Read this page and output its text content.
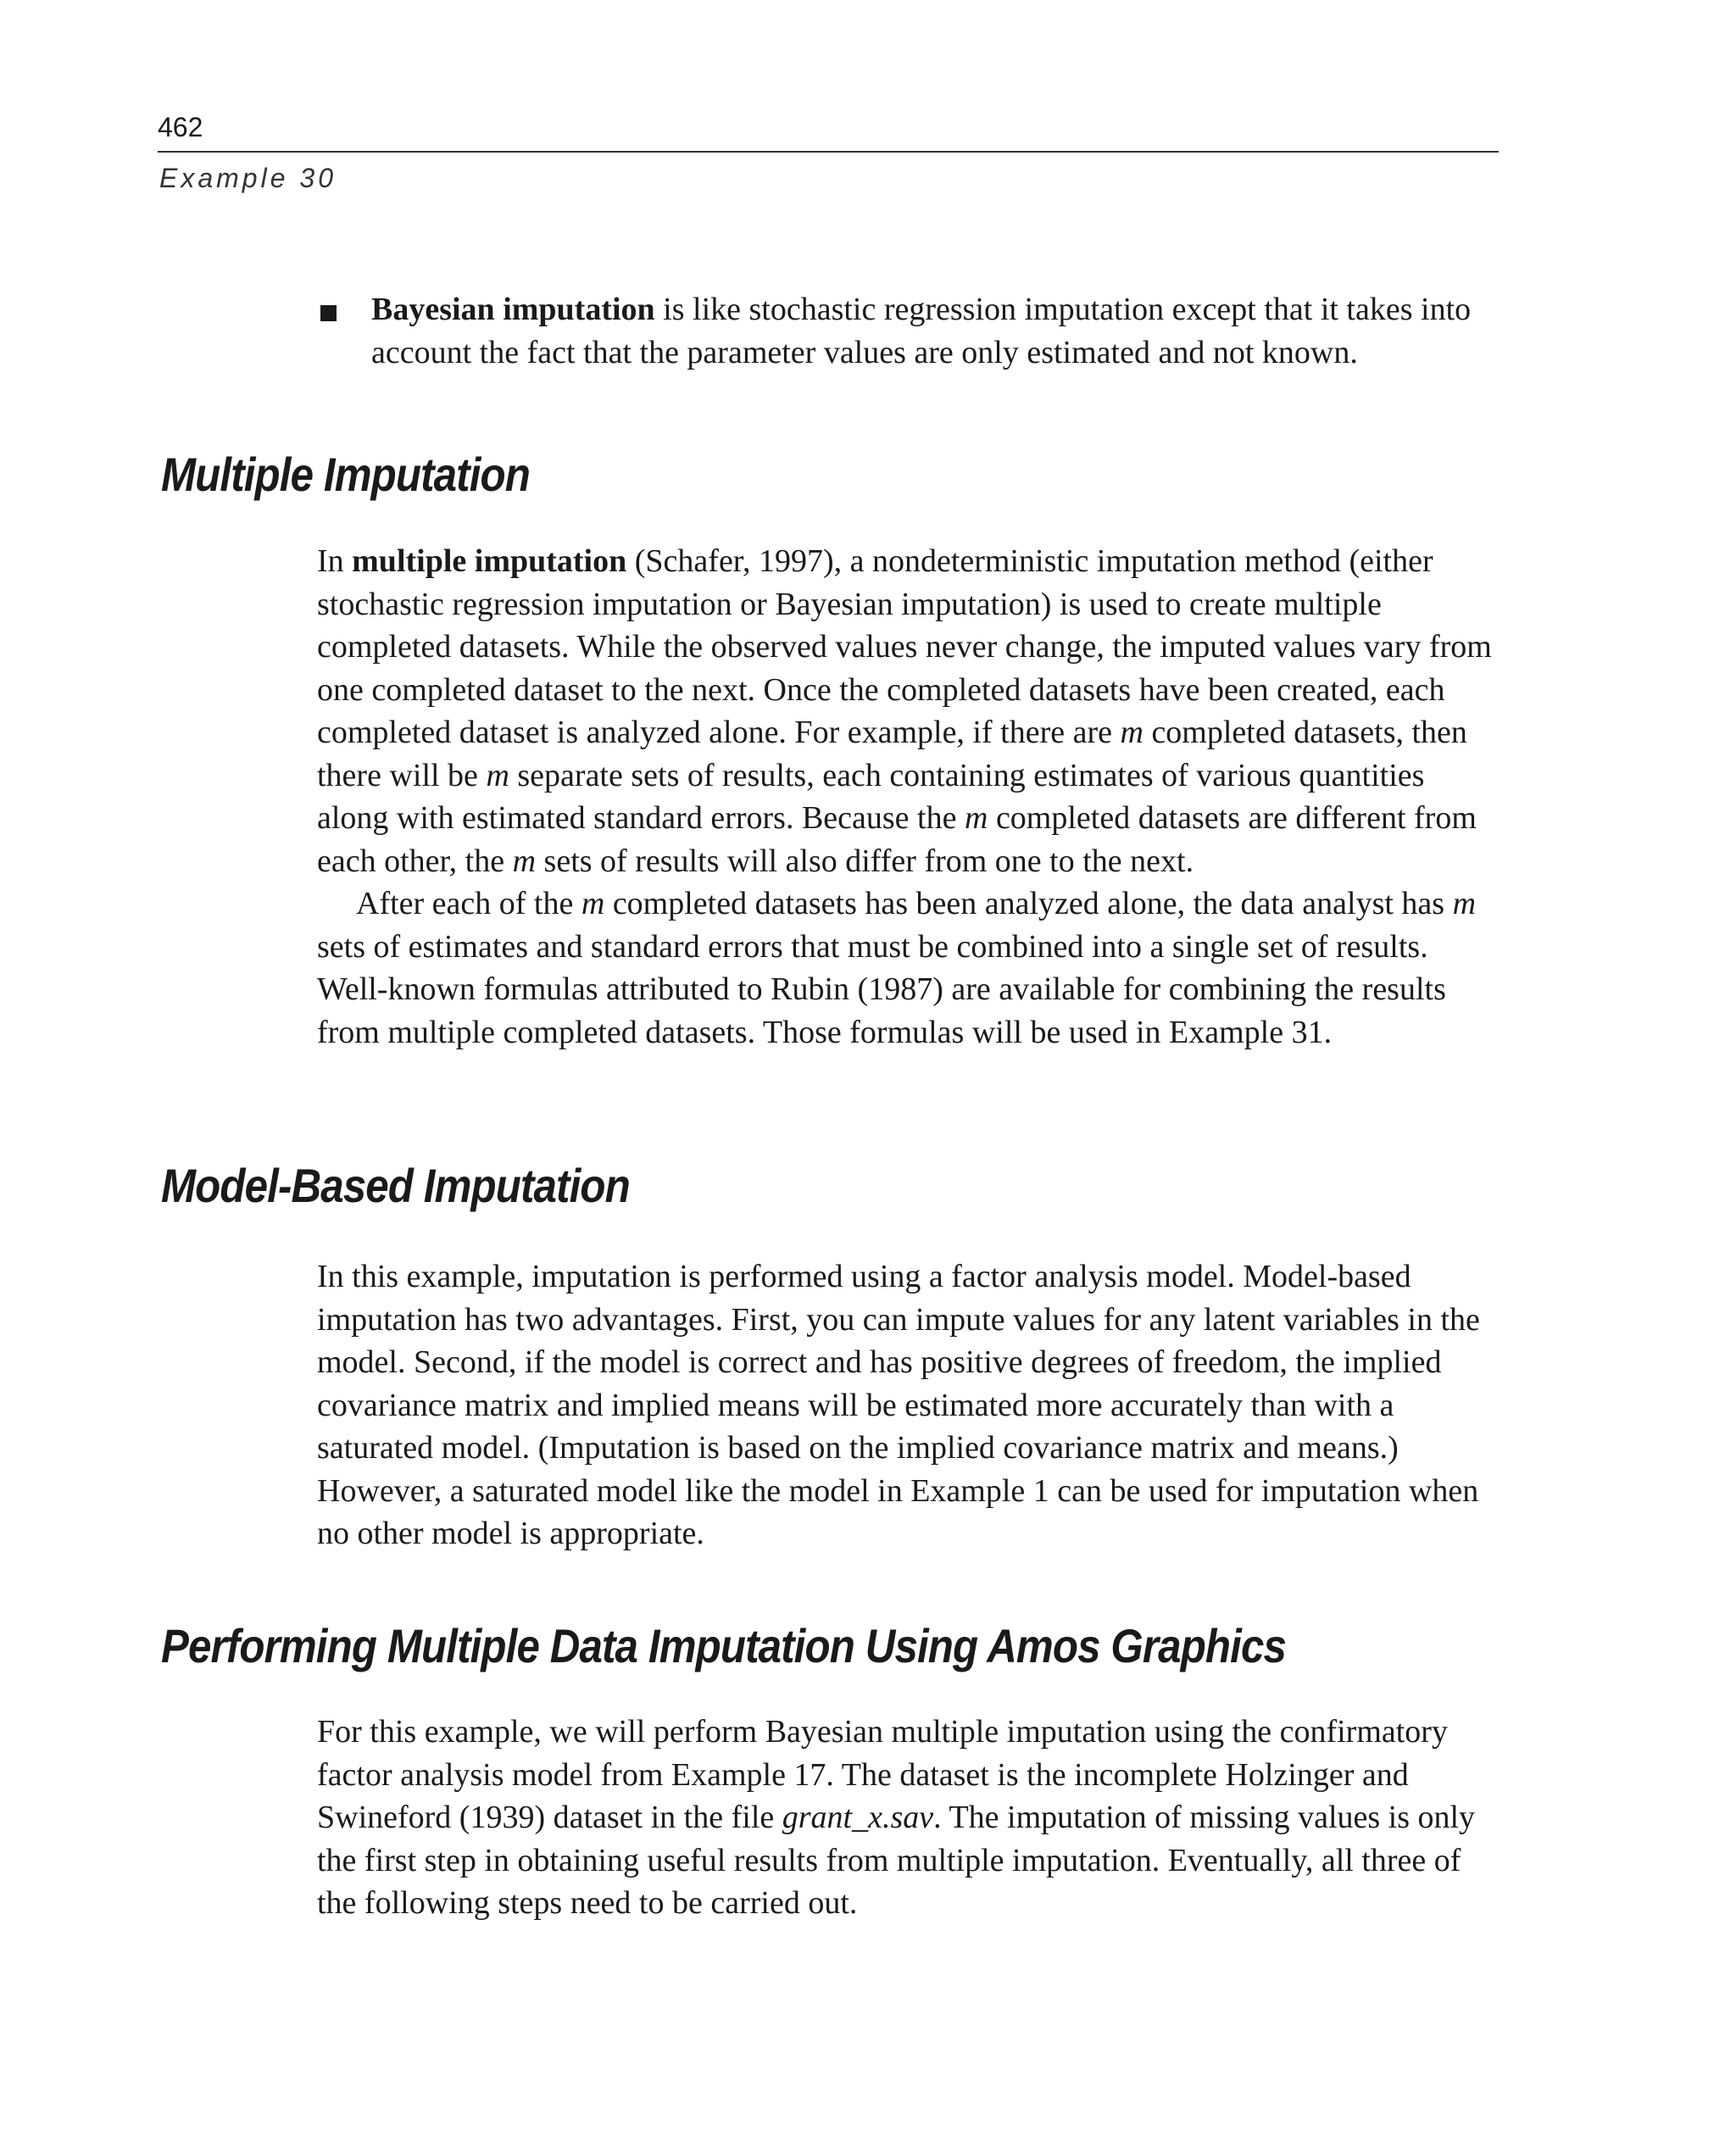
462
Example 30
Bayesian imputation is like stochastic regression imputation except that it takes into account the fact that the parameter values are only estimated and not known.
Multiple Imputation

In multiple imputation (Schafer, 1997), a nondeterministic imputation method (either stochastic regression imputation or Bayesian imputation) is used to create multiple completed datasets. While the observed values never change, the imputed values vary from one completed dataset to the next. Once the completed datasets have been created, each completed dataset is analyzed alone. For example, if there are m completed datasets, then there will be m separate sets of results, each containing estimates of various quantities along with estimated standard errors. Because the m completed datasets are different from each other, the m sets of results will also differ from one to the next.

After each of the m completed datasets has been analyzed alone, the data analyst has m sets of estimates and standard errors that must be combined into a single set of results. Well-known formulas attributed to Rubin (1987) are available for combining the results from multiple completed datasets. Those formulas will be used in Example 31.

Model-Based Imputation

In this example, imputation is performed using a factor analysis model. Model-based imputation has two advantages. First, you can impute values for any latent variables in the model. Second, if the model is correct and has positive degrees of freedom, the implied covariance matrix and implied means will be estimated more accurately than with a saturated model. (Imputation is based on the implied covariance matrix and means.) However, a saturated model like the model in Example 1 can be used for imputation when no other model is appropriate.

Performing Multiple Data Imputation Using Amos Graphics

For this example, we will perform Bayesian multiple imputation using the confirmatory factor analysis model from Example 17. The dataset is the incomplete Holzinger and Swineford (1939) dataset in the file grant_x.sav. The imputation of missing values is only the first step in obtaining useful results from multiple imputation. Eventually, all three of the following steps need to be carried out.
